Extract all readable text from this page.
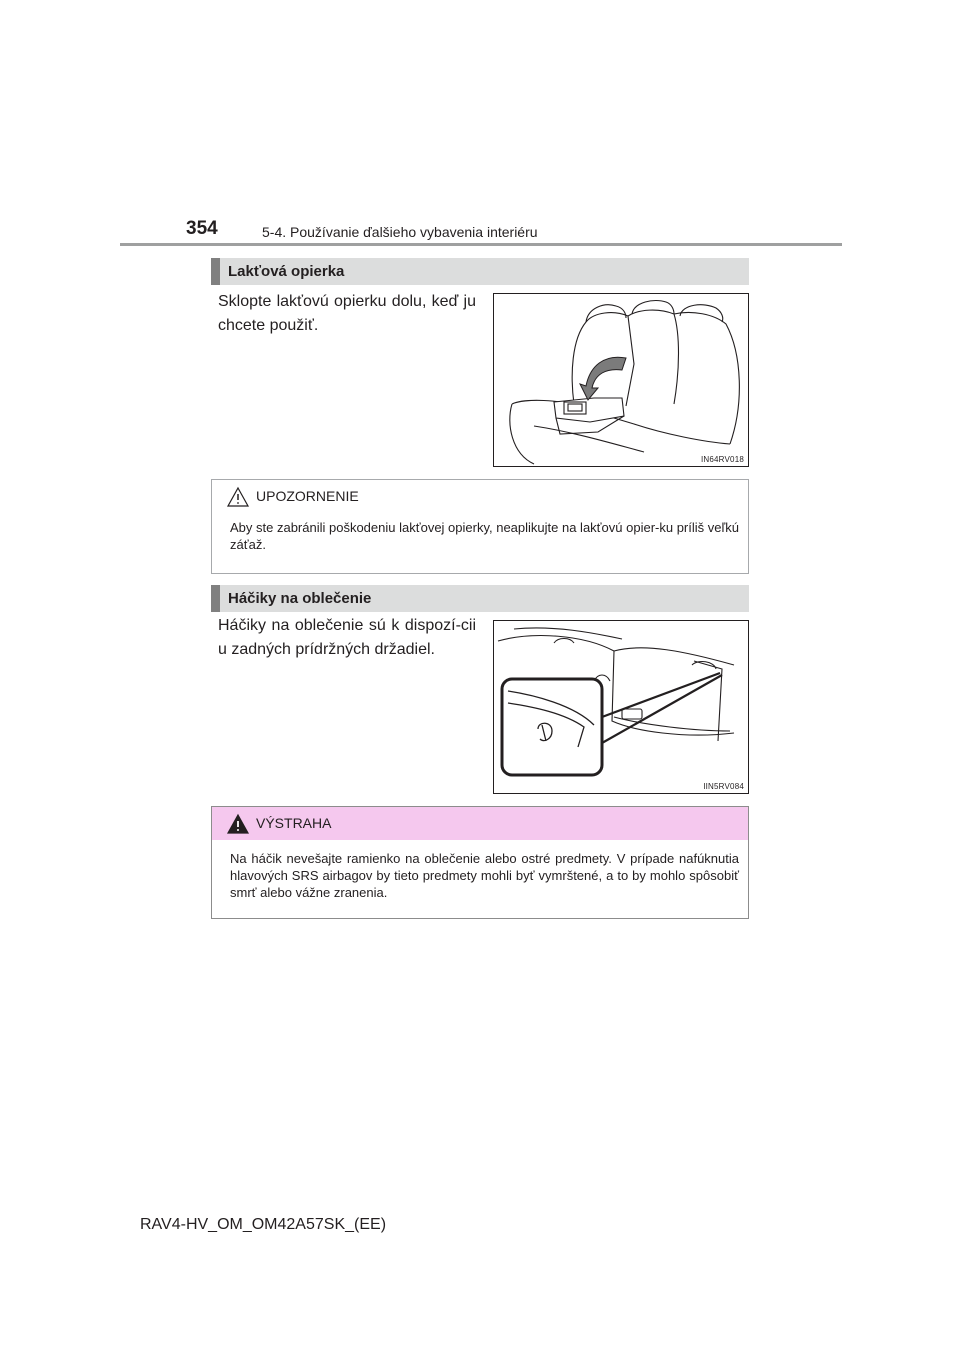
354	5-4. Používanie ďalšieho vybavenia interiéru
Lakťová opierka
Sklopte lakťovú opierku dolu, keď ju chcete použiť.
IN64RV018
UPOZORNENIE
Aby ste zabránili poškodeniu lakťovej opierky, neaplikujte na lakťovú opier-ku príliš veľkú záťaž.
Háčiky na oblečenie
Háčiky na oblečenie sú k dispozí-cii u zadných prídržných držadiel.
IIN5RV084
VÝSTRAHA
Na háčik nevešajte ramienko na oblečenie alebo ostré predmety. V prípade nafúknutia hlavových SRS airbagov by tieto predmety mohli byť vymrštené, a to by mohlo spôsobiť smrť alebo vážne zranenia.
RAV4-HV_OM_OM42A57SK_(EE)
